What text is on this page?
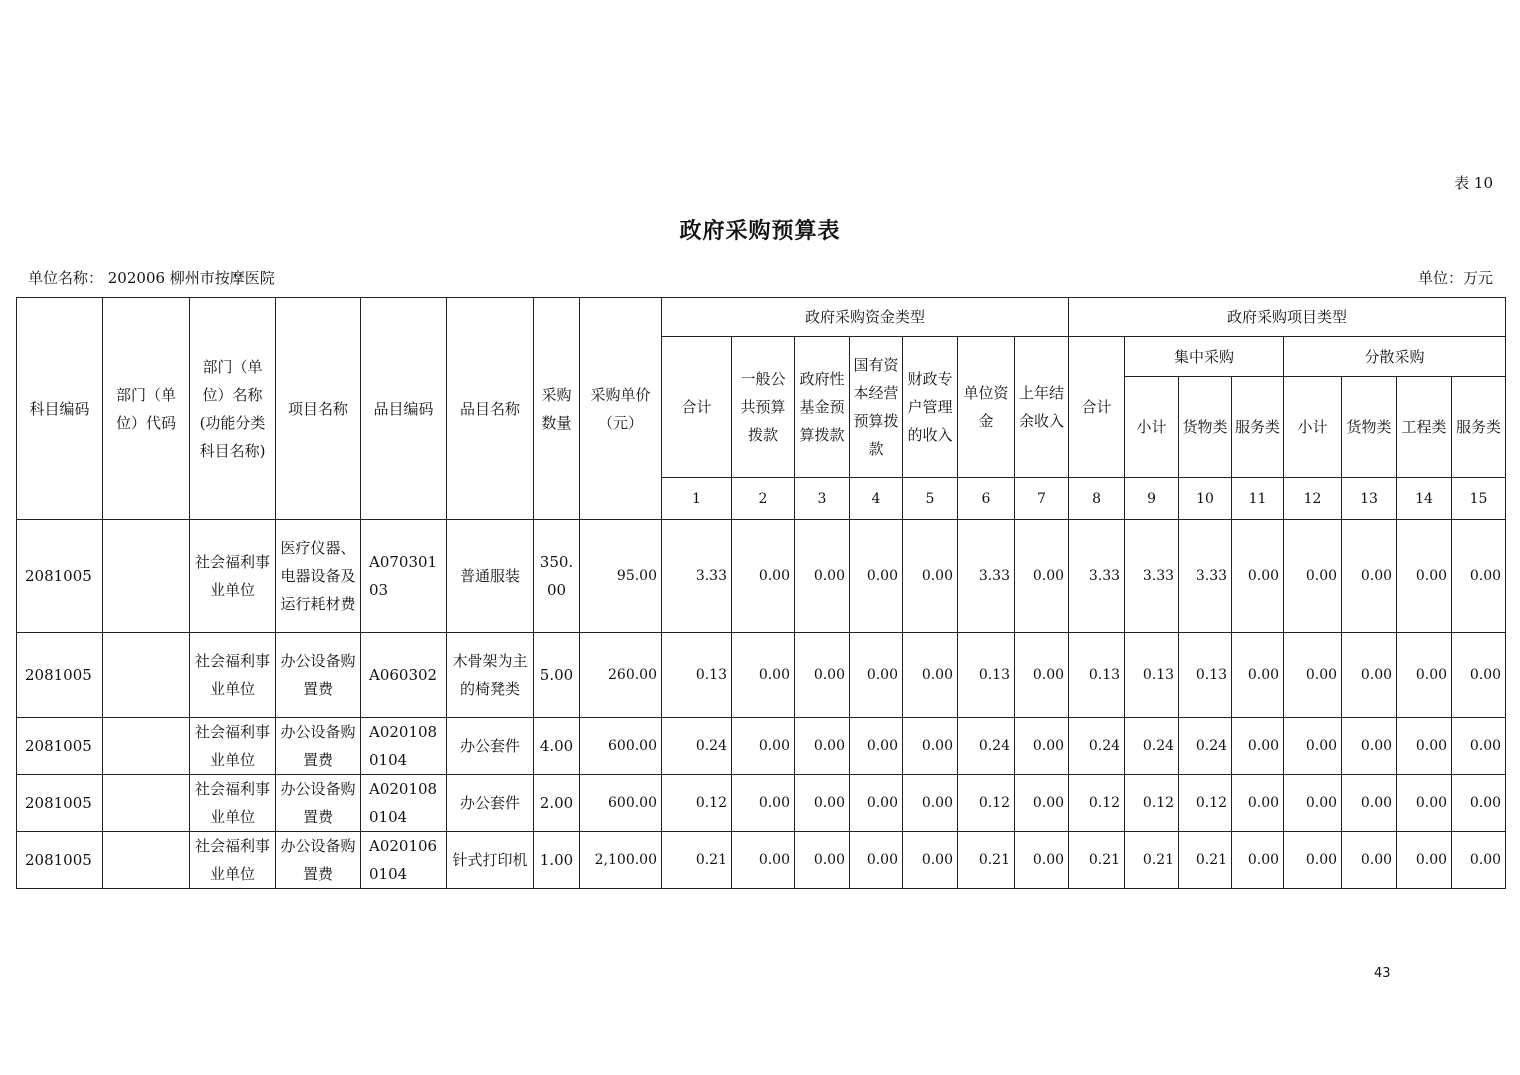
表 10
政府采购预算表
单位名称： 202006 柳州市按摩医院	单位：万元
科目编码	部门（单位）代码	部门（单位）名称(功能分类科目名称)	项目名称	品目编码	品目名称	采购数量	采购单价（元）	政府采购资金类型							政府采购项目类型							
								合计	一般公共预算拨款	政府性基金预算拨款	国有资本经营预算拨款	财政专户管理的收入	单位资金	上年结余收入	合计	集中采购			分散采购			
																小计	货物类	服务类	小计	货物类	工程类	服务类
								1	2	3	4	5	6	7	8	9	10	11	12	13	14	15
2081005		社会福利事业单位	医疗仪器、电器设备及运行耗材费	A07030103	普通服装	350.00	95.00	3.33	0.00	0.00	0.00	0.00	3.33	0.00	3.33	3.33	3.33	0.00	0.00	0.00	0.00	0.00
2081005		社会福利事业单位	办公设备购置费	A060302	木骨架为主的椅凳类	5.00	260.00	0.13	0.00	0.00	0.00	0.00	0.13	0.00	0.13	0.13	0.13	0.00	0.00	0.00	0.00	0.00
2081005		社会福利事业单位	办公设备购置费	A0201080104	办公套件	4.00	600.00	0.24	0.00	0.00	0.00	0.00	0.24	0.00	0.24	0.24	0.24	0.00	0.00	0.00	0.00	0.00
2081005		社会福利事业单位	办公设备购置费	A0201080104	办公套件	2.00	600.00	0.12	0.00	0.00	0.00	0.00	0.12	0.00	0.12	0.12	0.12	0.00	0.00	0.00	0.00	0.00
2081005		社会福利事业单位	办公设备购置费	A0201060104	针式打印机	1.00	2,100.00	0.21	0.00	0.00	0.00	0.00	0.21	0.00	0.21	0.21	0.21	0.00	0.00	0.00	0.00	0.00
43
